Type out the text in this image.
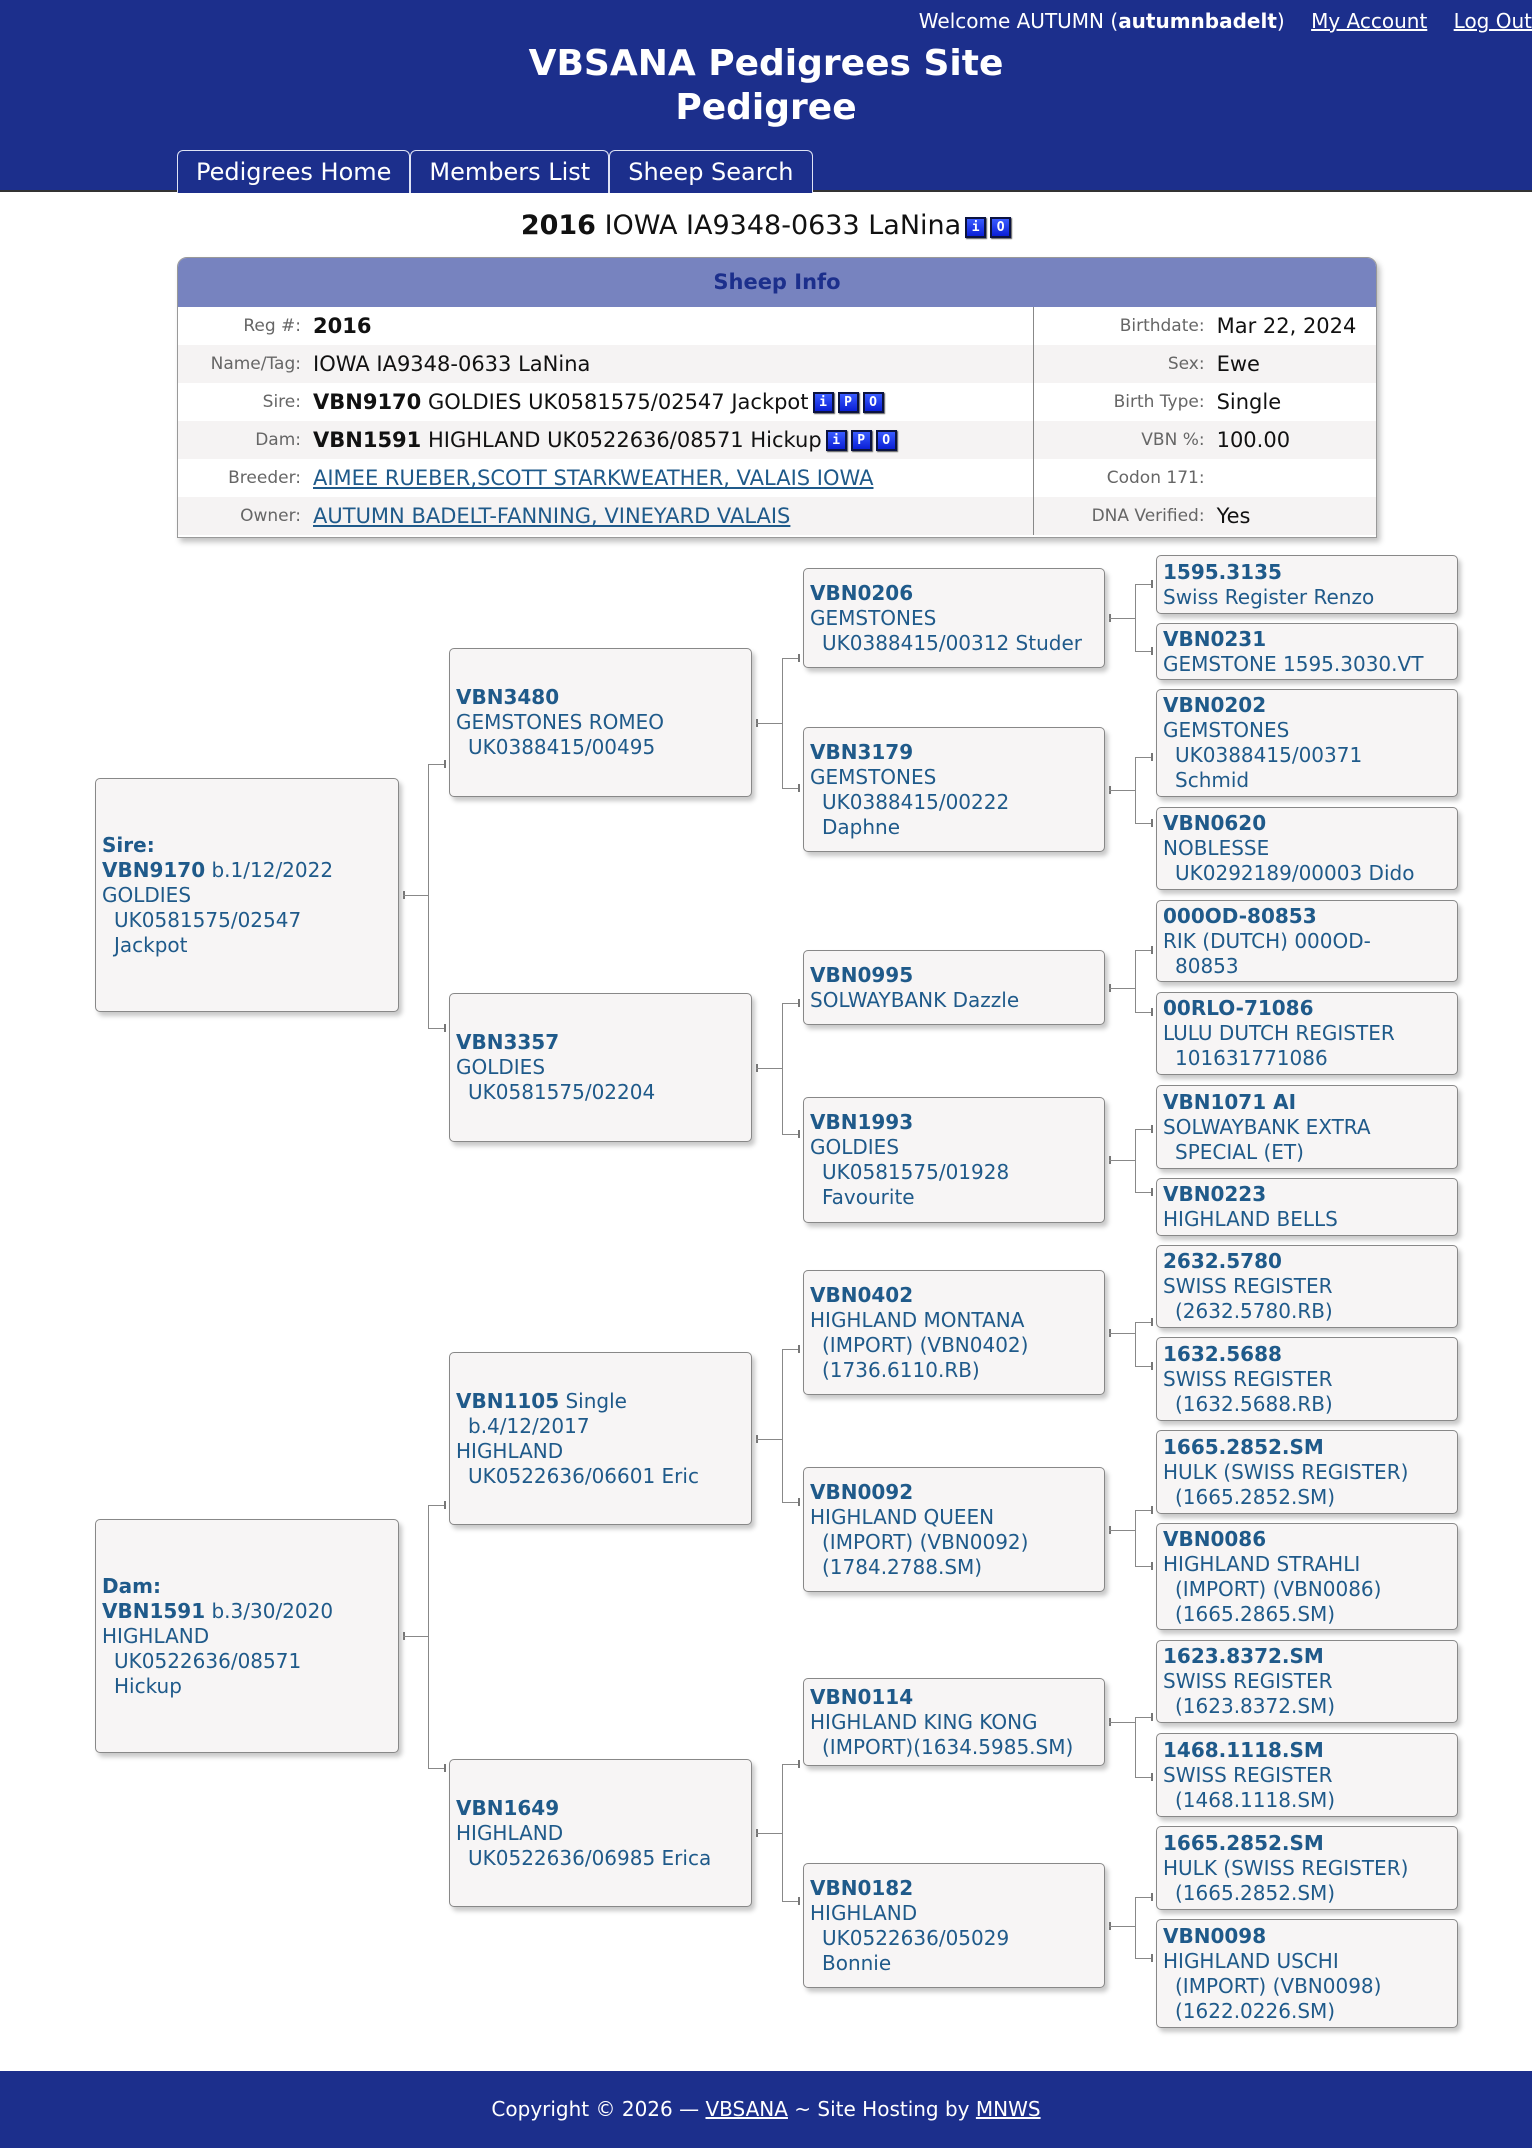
Welcome AUTUMN (autumnbadelt) My Account Log Out
VBSANA Pedigrees Site
Pedigree
Pedigrees Home	Members List	Sheep Search
2016 IOWA IA9348-0633 LaNina i O
Sheep Info
Reg #: 2016
Name/Tag: IOWA IA9348-0633 LaNina
Sire: VBN9170 GOLDIES UK0581575/02547 Jackpot i P O
Dam: VBN1591 HIGHLAND UK0522636/08571 Hickup i P O
Breeder: AIMEE RUEBER,SCOTT STARKWEATHER, VALAIS IOWA
Owner: AUTUMN BADELT-FANNING, VINEYARD VALAIS
Birthdate: Mar 22, 2024
Sex: Ewe
Birth Type: Single
VBN %: 100.00
Codon 171:
DNA Verified: Yes
Sire:
VBN9170 b.1/12/2022
GOLDIES
UK0581575/02547
Jackpot
Dam:
VBN1591 b.3/30/2020
HIGHLAND
UK0522636/08571
Hickup
VBN3480
GEMSTONES ROMEO
UK0388415/00495
VBN3357
GOLDIES
UK0581575/02204
VBN1105 Single
b.4/12/2017
HIGHLAND
UK0522636/06601 Eric
VBN1649
HIGHLAND
UK0522636/06985 Erica
VBN0206
GEMSTONES
UK0388415/00312 Studer
VBN3179
GEMSTONES
UK0388415/00222
Daphne
VBN0995
SOLWAYBANK Dazzle
VBN1993
GOLDIES
UK0581575/01928
Favourite
VBN0402
HIGHLAND MONTANA
(IMPORT) (VBN0402)
(1736.6110.RB)
VBN0092
HIGHLAND QUEEN
(IMPORT) (VBN0092)
(1784.2788.SM)
VBN0114
HIGHLAND KING KONG
(IMPORT)(1634.5985.SM)
VBN0182
HIGHLAND
UK0522636/05029
Bonnie
1595.3135
Swiss Register Renzo
VBN0231
GEMSTONE 1595.3030.VT
VBN0202
GEMSTONES
UK0388415/00371
Schmid
VBN0620
NOBLESSE
UK0292189/00003 Dido
000OD-80853
RIK (DUTCH) 000OD-
80853
00RLO-71086
LULU DUTCH REGISTER
101631771086
VBN1071 AI
SOLWAYBANK EXTRA
SPECIAL (ET)
VBN0223
HIGHLAND BELLS
2632.5780
SWISS REGISTER
(2632.5780.RB)
1632.5688
SWISS REGISTER
(1632.5688.RB)
1665.2852.SM
HULK (SWISS REGISTER)
(1665.2852.SM)
VBN0086
HIGHLAND STRAHLI
(IMPORT) (VBN0086)
(1665.2865.SM)
1623.8372.SM
SWISS REGISTER
(1623.8372.SM)
1468.1118.SM
SWISS REGISTER
(1468.1118.SM)
1665.2852.SM
HULK (SWISS REGISTER)
(1665.2852.SM)
VBN0098
HIGHLAND USCHI
(IMPORT) (VBN0098)
(1622.0226.SM)
Copyright © 2026 — VBSANA ~ Site Hosting by MNWS
